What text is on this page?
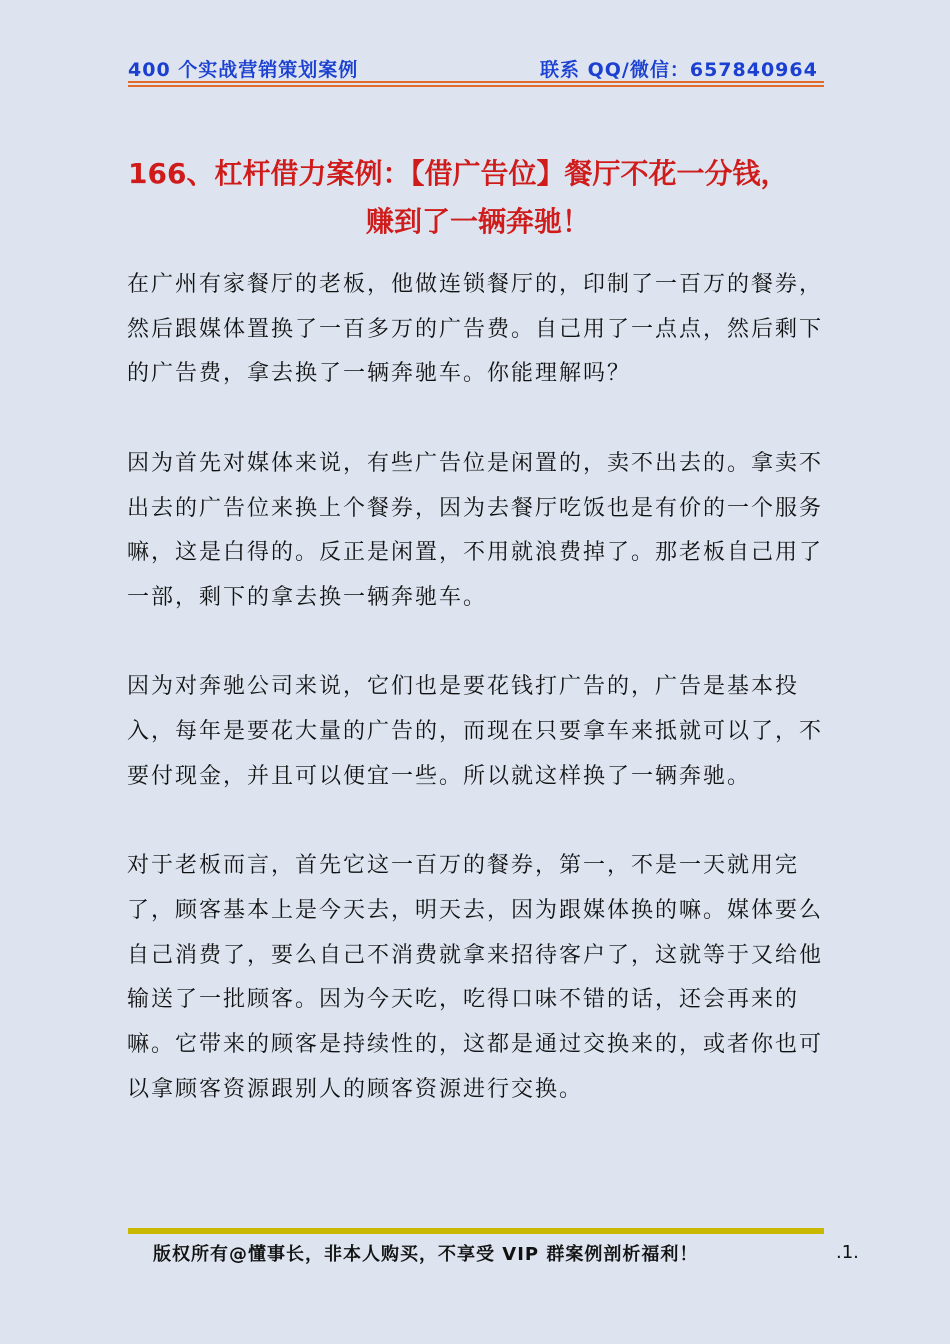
400 个实战营销策划案例	联系 QQ/微信：657840964
166、杠杆借力案例：【借广告位】餐厅不花一分钱，
赚到了一辆奔驰！

在广州有家餐厅的老板，他做连锁餐厅的，印制了一百万的餐券，然后跟媒体置换了一百多万的广告费。自己用了一点点，然后剩下的广告费，拿去换了一辆奔驰车。你能理解吗？

因为首先对媒体来说，有些广告位是闲置的，卖不出去的。拿卖不出去的广告位来换上个餐券，因为去餐厅吃饭也是有价的一个服务嘛，这是白得的。反正是闲置，不用就浪费掉了。那老板自己用了一部，剩下的拿去换一辆奔驰车。

因为对奔驰公司来说，它们也是要花钱打广告的，广告是基本投入，每年是要花大量的广告的，而现在只要拿车来抵就可以了，不要付现金，并且可以便宜一些。所以就这样换了一辆奔驰。

对于老板而言，首先它这一百万的餐券，第一，不是一天就用完了，顾客基本上是今天去，明天去，因为跟媒体换的嘛。媒体要么自己消费了，要么自己不消费就拿来招待客户了，这就等于又给他输送了一批顾客。因为今天吃，吃得口味不错的话，还会再来的嘛。它带来的顾客是持续性的，这都是通过交换来的，或者你也可以拿顾客资源跟别人的顾客资源进行交换。

版权所有@懂事长，非本人购买，不享受 VIP 群案例剖析福利！	.1.
